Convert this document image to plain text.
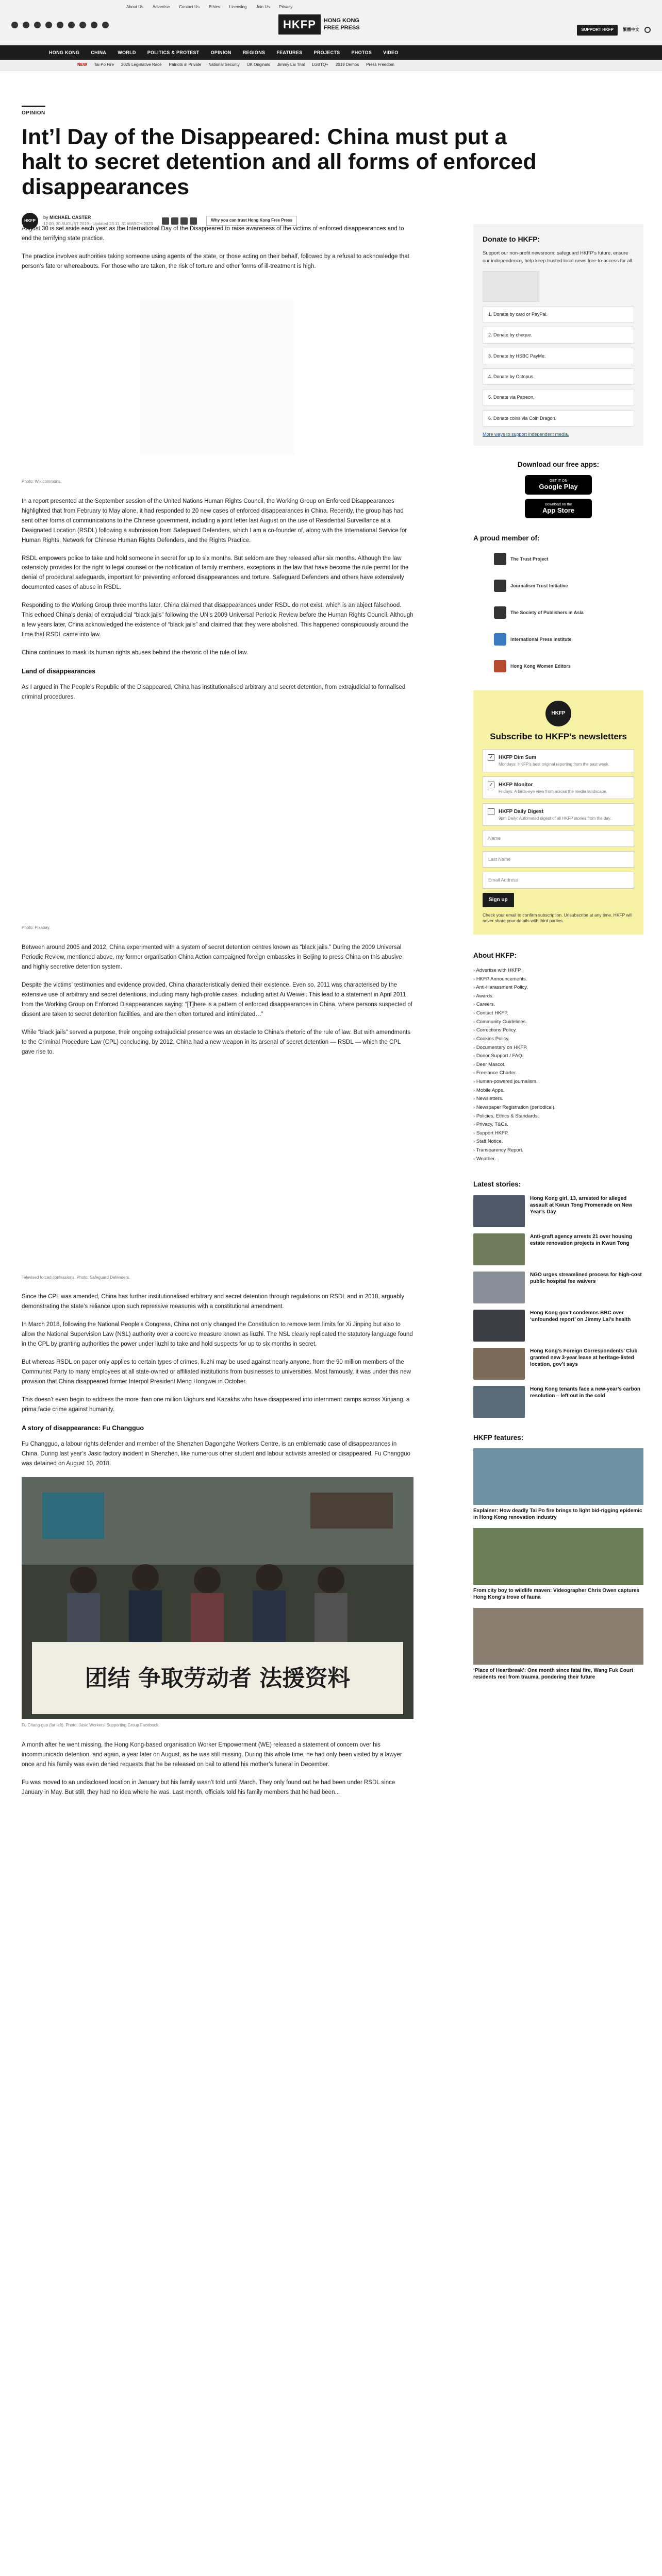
About Us Advertise Contact Us Ethics Licensing Join Us Privacy
HKFP	HONG KONG
FREE PRESS	SUPPORT HKFP	繁體中文
HONG KONG CHINA WORLD POLITICS & PROTEST OPINION REGIONS FEATURES PROJECTS PHOTOS VIDEO
NEW Tai Po Fire 2025 Legislative Race Patriots in Private National Security UK Originals Jimmy Lai Trial LGBTQ+ 2019 Demos Press Freedom
OPINION
Int’l Day of the Disappeared: China must put a halt to secret detention and all forms of enforced disappearances
HKFP
by MICHAEL CASTER
12:00, 30 AUGUST 2019 · Updated 23:11, 31 MARCH 2023
Why you can trust Hong Kong Free Press

August 30 is set aside each year as the International Day of the Disappeared to raise awareness of the victims of enforced disappearances and to end the terrifying state practice.

The practice involves authorities taking someone using agents of the state, or those acting on their behalf, followed by a refusal to acknowledge that person’s fate or whereabouts. For those who are taken, the risk of torture and other forms of ill-treatment is high.

Photo: Wikicommons.

In a report presented at the September session of the United Nations Human Rights Council, the Working Group on Enforced Disappearances highlighted that from February to May alone, it had responded to 20 new cases of enforced disappearances in China. Recently, the group has had sent other forms of communications to the Chinese government, including a joint letter last August on the use of Residential Surveillance at a Designated Location (RSDL) following a submission from Safeguard Defenders, which I am a co-founder of, along with the International Service for Human Rights, Network for Chinese Human Rights Defenders, and the Rights Practice.

RSDL empowers police to take and hold someone in secret for up to six months. But seldom are they released after six months. Although the law ostensibly provides for the right to legal counsel or the notification of family members, exceptions in the law that have become the rule permit for the denial of procedural safeguards, important for preventing enforced disappearances and torture. Safeguard Defenders and others have extensively documented cases of abuse in RSDL.

Responding to the Working Group three months later, China claimed that disappearances under RSDL do not exist, which is an abject falsehood. This echoed China’s denial of extrajudicial “black jails” following the UN’s 2009 Universal Periodic Review before the Human Rights Council. Although a few years later, China acknowledged the existence of “black jails” and claimed that they were abolished. This happened conspicuously around the time that RSDL came into law.

China continues to mask its human rights abuses behind the rhetoric of the rule of law.

Land of disappearances

As I argued in The People’s Republic of the Disappeared, China has institutionalised arbitrary and secret detention, from extrajudicial to formalised criminal procedures.

Photo: Pixabay.

Between around 2005 and 2012, China experimented with a system of secret detention centres known as “black jails.” During the 2009 Universal Periodic Review, mentioned above, my former organisation China Action campaigned foreign embassies in Beijing to press China on this abusive and highly secretive detention system.

Despite the victims’ testimonies and evidence provided, China characteristically denied their existence. Even so, 2011 was characterised by the extensive use of arbitrary and secret detentions, including many high-profile cases, including artist Ai Weiwei. This lead to a statement in April 2011 from the Working Group on Enforced Disappearances saying: “[T]here is a pattern of enforced disappearances in China, where persons suspected of dissent are taken to secret detention facilities, and are then often tortured and intimidated…”

While “black jails” served a purpose, their ongoing extrajudicial presence was an obstacle to China’s rhetoric of the rule of law. But with amendments to the Criminal Procedure Law (CPL) concluding, by 2012, China had a new weapon in its arsenal of secret detention — RSDL — which the CPL gave rise to.

Televised forced confessions. Photo: Safeguard Defenders.

Since the CPL was amended, China has further institutionalised arbitrary and secret detention through regulations on RSDL and in 2018, arguably demonstrating the state’s reliance upon such repressive measures with a constitutional amendment.

In March 2018, following the National People’s Congress, China not only changed the Constitution to remove term limits for Xi Jinping but also to allow the National Supervision Law (NSL) authority over a coercive measure known as liuzhi. The NSL clearly replicated the statutory language found in the CPL by granting authorities the power under liuzhi to take and hold suspects for up to six months in secret.

But whereas RSDL on paper only applies to certain types of crimes, liuzhi may be used against nearly anyone, from the 90 million members of the Communist Party to many employees at all state-owned or affiliated institutions from businesses to universities. Most famously, it was under this new provision that China disappeared former Interpol President Meng Hongwei in October.

This doesn’t even begin to address the more than one million Uighurs and Kazakhs who have disappeared into internment camps across Xinjiang, a prima facie crime against humanity.

A story of disappearance: Fu Changguo

Fu Changguo, a labour rights defender and member of the Shenzhen Dagongzhe Workers Centre, is an emblematic case of disappearances in China. During last year’s Jasic factory incident in Shenzhen, like numerous other student and labour activists arrested or disappeared, Fu Changguo was detained on August 10, 2018.

团结 争取劳动者 法援资料
Fu Chang-guo (far left). Photo: Jasic Workers’ Supporting Group Facebook.

A month after he went missing, the Hong Kong-based organisation Worker Empowerment (WE) released a statement of concern over his incommunicado detention, and again, a year later on August, as he was still missing. During this whole time, he had only been visited by a lawyer once and his family was even denied requests that he be released on bail to attend his mother’s funeral in December.

Fu was moved to an undisclosed location in January but his family wasn’t told until March. They only found out he had been under RSDL since January in May. But still, they had no idea where he was. Last month, officials told his family members that he had been...

Donate to HKFP:
Support our non-profit newsroom: safeguard HKFP’s future, ensure our independence, help keep trusted local news free-to-access for all.
1. Donate by card or PayPal.
2. Donate by cheque.
3. Donate by HSBC PayMe.
4. Donate by Octopus.
5. Donate via Patreon.
6. Donate coins via Coin Dragon.
More ways to support independent media.
Download our free apps:
GET IT ON
Google Play
Download on the
App Store
A proud member of:
The Trust Project
Journalism Trust Initiative
The Society of Publishers in Asia
International Press Institute
Hong Kong Women Editors
HKFP
Subscribe to HKFP’s newsletters
✓ HKFP Dim Sum
Mondays: HKFP’s best original reporting from the past week.
✓ HKFP Monitor
Fridays: A birds-eye view from across the media landscape.
HKFP Daily Digest
9pm Daily: Automated digest of all HKFP stories from the day.
Name
Last Name
Email Address
Sign up
Check your email to confirm subscription. Unsubscribe at any time. HKFP will never share your details with third parties.
About HKFP:
› Advertise with HKFP.
› HKFP Announcements.
› Anti-Harassment Policy.
› Awards.
› Careers.
› Contact HKFP.
› Community Guidelines.
› Corrections Policy.
› Cookies Policy.
› Documentary on HKFP.
› Donor Support / FAQ.
› Deer Mascot.
› Freelance Charter.
› Human-powered journalism.
› Mobile Apps.
› Newsletters.
› Newspaper Registration (periodical).
› Policies, Ethics & Standards.
› Privacy, T&Cs.
› Support HKFP.
› Staff Notice.
› Transparency Report.
› Weather.
Latest stories:
Hong Kong girl, 13, arrested for alleged assault at Kwun Tong Promenade on New Year’s Day
Anti-graft agency arrests 21 over housing estate renovation projects in Kwun Tong
NGO urges streamlined process for high-cost public hospital fee waivers
Hong Kong gov’t condemns BBC over ‘unfounded report’ on Jimmy Lai’s health
Hong Kong’s Foreign Correspondents’ Club granted new 3-year lease at heritage-listed location, gov’t says
Hong Kong tenants face a new-year’s carbon resolution – left out in the cold
HKFP features:
Explainer: How deadly Tai Po fire brings to light bid-rigging epidemic in Hong Kong renovation industry
From city boy to wildlife maven: Videographer Chris Owen captures Hong Kong’s trove of fauna
‘Place of Heartbreak’: One month since fatal fire, Wang Fuk Court residents reel from trauma, pondering their future
